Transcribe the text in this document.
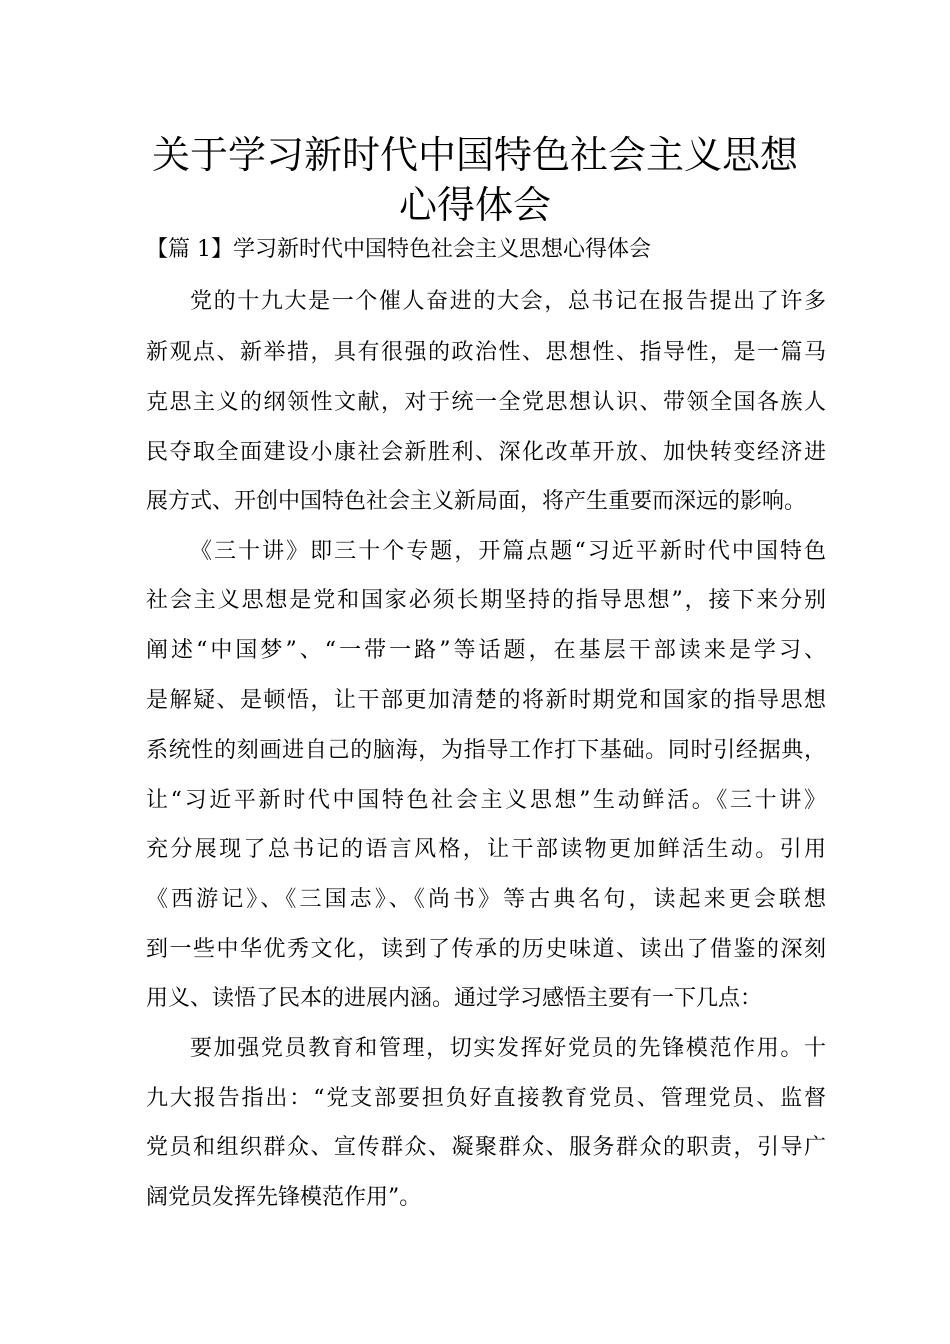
关于学习新时代中国特色社会主义思想
心得体会
【篇 1】学习新时代中国特色社会主义思想心得体会
党的十九大是一个催人奋进的大会，总书记在报告提出了许多
新观点、新举措，具有很强的政治性、思想性、指导性，是一篇马
克思主义的纲领性文献，对于统一全党思想认识、带领全国各族人
民夺取全面建设小康社会新胜利、深化改革开放、加快转变经济进
展方式、开创中国特色社会主义新局面，将产生重要而深远的影响。
《三十讲》即三十个专题，开篇点题“习近平新时代中国特色
社会主义思想是党和国家必须长期坚持的指导思想”，接下来分别
阐述“中国梦”、“一带一路”等话题，在基层干部读来是学习、
是解疑、是顿悟，让干部更加清楚的将新时期党和国家的指导思想
系统性的刻画进自己的脑海，为指导工作打下基础。同时引经据典，
让“习近平新时代中国特色社会主义思想”生动鲜活。《三十讲》
充分展现了总书记的语言风格，让干部读物更加鲜活生动。引用
《西游记》、《三国志》、《尚书》等古典名句，读起来更会联想
到一些中华优秀文化，读到了传承的历史味道、读出了借鉴的深刻
用义、读悟了民本的进展内涵。通过学习感悟主要有一下几点：
要加强党员教育和管理，切实发挥好党员的先锋模范作用。十
九大报告指出：“党支部要担负好直接教育党员、管理党员、监督
党员和组织群众、宣传群众、凝聚群众、服务群众的职责，引导广
阔党员发挥先锋模范作用”。
